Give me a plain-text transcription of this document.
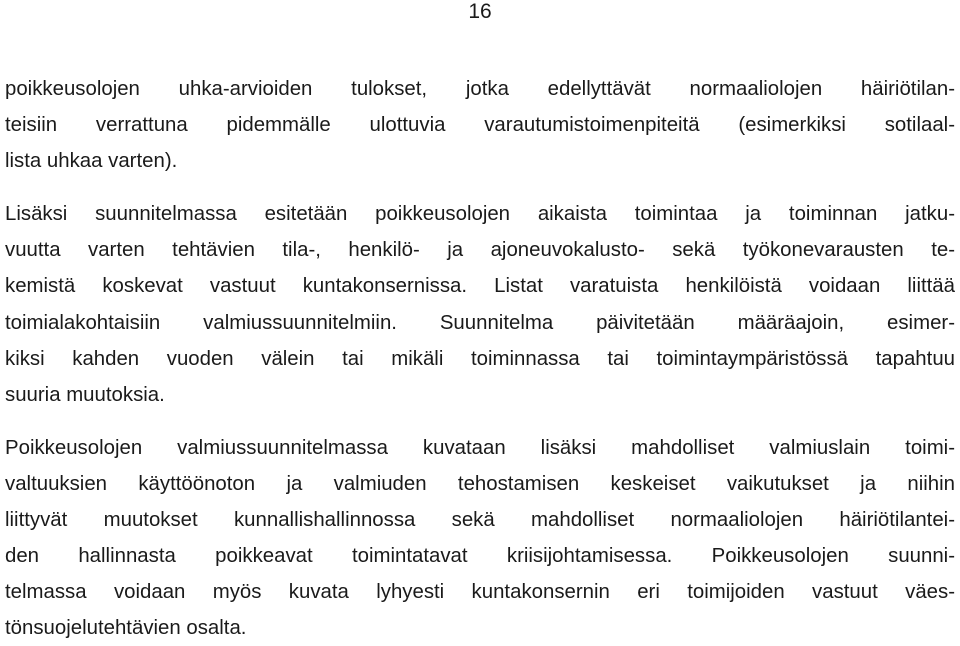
16
poikkeusolojen uhka-arvioiden tulokset, jotka edellyttävät normaaliolojen häiriötilan-
teisiin verrattuna pidemmälle ulottuvia varautumistoimenpiteitä (esimerkiksi sotilaal-
lista uhkaa varten).
Lisäksi suunnitelmassa esitetään poikkeusolojen aikaista toimintaa ja toiminnan jatku-
vuutta varten tehtävien tila-, henkilö- ja ajoneuvokalusto- sekä työkonevarausten te-
kemistä koskevat vastuut kuntakonsernissa. Listat varatuista henkilöistä voidaan liittää
toimialakohtaisiin valmiussuunnitelmiin. Suunnitelma päivitetään määräajoin, esimer-
kiksi kahden vuoden välein tai mikäli toiminnassa tai toimintaympäristössä tapahtuu
suuria muutoksia.
Poikkeusolojen valmiussuunnitelmassa kuvataan lisäksi mahdolliset valmiuslain toimi-
valtuuksien käyttöönoton ja valmiuden tehostamisen keskeiset vaikutukset ja niihin
liittyvät muutokset kunnallishallinnossa sekä mahdolliset normaaliolojen häiriötilantei-
den hallinnasta poikkeavat toimintatavat kriisijohtamisessa. Poikkeusolojen suunni-
telmassa voidaan myös kuvata lyhyesti kuntakonsernin eri toimijoiden vastuut väes-
tönsuojelutehtävien osalta.
